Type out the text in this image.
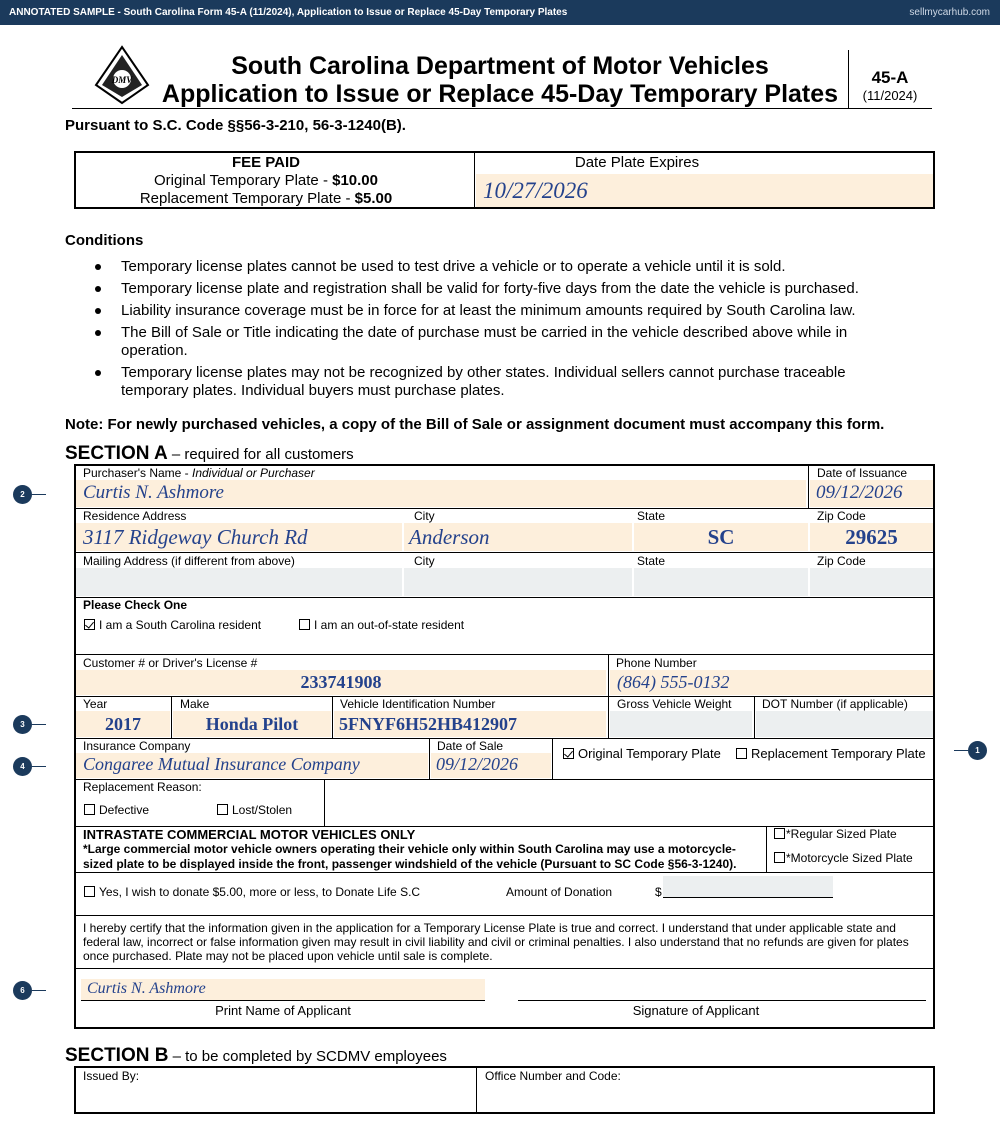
ANNOTATED SAMPLE - South Carolina Form 45-A (11/2024), Application to Issue or Replace 45-Day Temporary Plates	sellmycarhub.com
DMV	South Carolina Department of Motor Vehicles
Application to Issue or Replace 45-Day Temporary Plates
45-A
(11/2024)
Pursuant to S.C. Code §§56-3-210, 56-3-1240(B).
FEE PAID
Original Temporary Plate - $10.00
Replacement Temporary Plate - $5.00
Date Plate Expires
10/27/2026
Conditions
Temporary license plates cannot be used to test drive a vehicle or to operate a vehicle until it is sold.
Temporary license plate and registration shall be valid for forty-five days from the date the vehicle is purchased.
Liability insurance coverage must be in force for at least the minimum amounts required by South Carolina law.
The Bill of Sale or Title indicating the date of purchase must be carried in the vehicle described above while in operation.
Temporary license plates may not be recognized by other states. Individual sellers cannot purchase traceable temporary plates. Individual buyers must purchase plates.
Note: For newly purchased vehicles, a copy of the Bill of Sale or assignment document must accompany this form.
SECTION A – required for all customers
Purchaser's Name - Individual or Purchaser	Date of Issuance
Curtis N. Ashmore	09/12/2026
Residence Address	City	State	Zip Code
3117 Ridgeway Church Rd	Anderson	SC	29625
Mailing Address (if different from above)	City	State	Zip Code
Please Check One
I am a South Carolina resident	I am an out-of-state resident
Customer # or Driver's License #	Phone Number
233741908	(864) 555-0132
Year	Make	Vehicle Identification Number	Gross Vehicle Weight	DOT Number (if applicable)
2017	Honda Pilot	5FNYF6H52HB412907
Insurance Company	Date of Sale
Congaree Mutual Insurance Company	09/12/2026
Original Temporary Plate	Replacement Temporary Plate
Replacement Reason:
Defective	Lost/Stolen
INTRASTATE COMMERCIAL MOTOR VEHICLES ONLY
*Large commercial motor vehicle owners operating their vehicle only within South Carolina may use a motorcycle-sized plate to be displayed inside the front, passenger windshield of the vehicle (Pursuant to SC Code §56-3-1240).
*Regular Sized Plate
*Motorcycle Sized Plate
Yes, I wish to donate $5.00, more or less, to Donate Life S.C	Amount of Donation	$
I hereby certify that the information given in the application for a Temporary License Plate is true and correct. I understand that under applicable state and federal law, incorrect or false information given may result in civil liability and civil or criminal penalties. I also understand that no refunds are given for plates once purchased. Plate may not be placed upon vehicle until sale is complete.
Curtis N. Ashmore
Print Name of Applicant	Signature of Applicant
SECTION B – to be completed by SCDMV employees
Issued By:	Office Number and Code:
2
3
4
1
6
